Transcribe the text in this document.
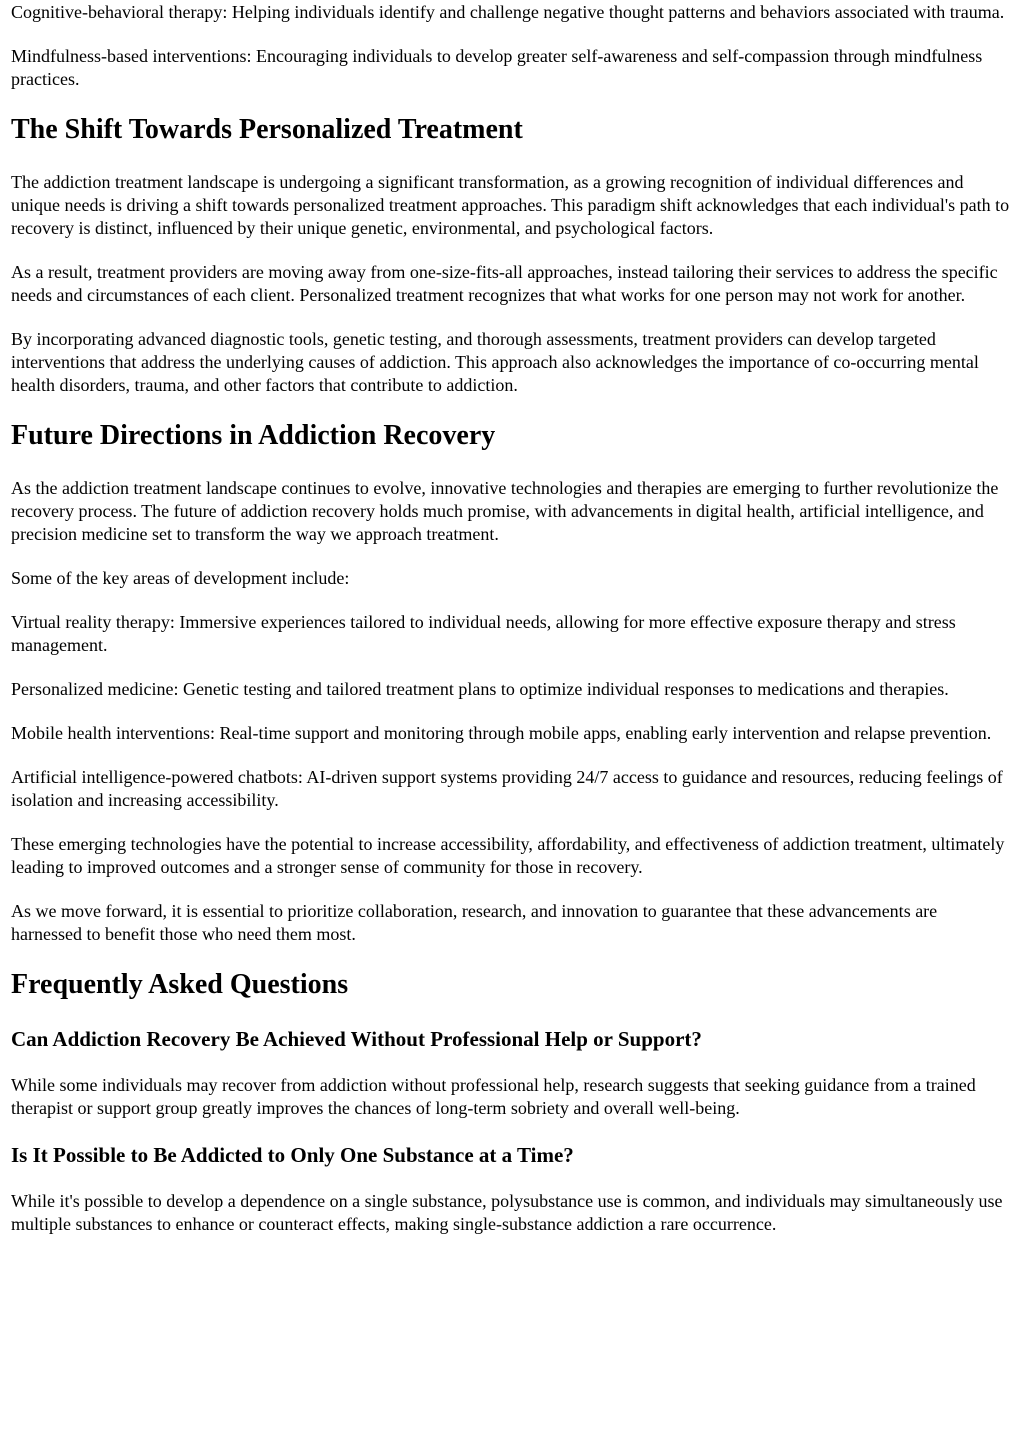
Cognitive-behavioral therapy: Helping individuals identify and challenge negative thought patterns and behaviors associated with trauma.

Mindfulness-based interventions: Encouraging individuals to develop greater self-awareness and self-compassion through mindfulness practices.

The Shift Towards Personalized Treatment

The addiction treatment landscape is undergoing a significant transformation, as a growing recognition of individual differences and unique needs is driving a shift towards personalized treatment approaches. This paradigm shift acknowledges that each individual's path to recovery is distinct, influenced by their unique genetic, environmental, and psychological factors.

As a result, treatment providers are moving away from one-size-fits-all approaches, instead tailoring their services to address the specific needs and circumstances of each client. Personalized treatment recognizes that what works for one person may not work for another.

By incorporating advanced diagnostic tools, genetic testing, and thorough assessments, treatment providers can develop targeted interventions that address the underlying causes of addiction. This approach also acknowledges the importance of co-occurring mental health disorders, trauma, and other factors that contribute to addiction.

Future Directions in Addiction Recovery

As the addiction treatment landscape continues to evolve, innovative technologies and therapies are emerging to further revolutionize the recovery process. The future of addiction recovery holds much promise, with advancements in digital health, artificial intelligence, and precision medicine set to transform the way we approach treatment.

Some of the key areas of development include:

Virtual reality therapy: Immersive experiences tailored to individual needs, allowing for more effective exposure therapy and stress management.

Personalized medicine: Genetic testing and tailored treatment plans to optimize individual responses to medications and therapies.

Mobile health interventions: Real-time support and monitoring through mobile apps, enabling early intervention and relapse prevention.

Artificial intelligence-powered chatbots: AI-driven support systems providing 24/7 access to guidance and resources, reducing feelings of isolation and increasing accessibility.

These emerging technologies have the potential to increase accessibility, affordability, and effectiveness of addiction treatment, ultimately leading to improved outcomes and a stronger sense of community for those in recovery.

As we move forward, it is essential to prioritize collaboration, research, and innovation to guarantee that these advancements are harnessed to benefit those who need them most.

Frequently Asked Questions
Can Addiction Recovery Be Achieved Without Professional Help or Support?

While some individuals may recover from addiction without professional help, research suggests that seeking guidance from a trained therapist or support group greatly improves the chances of long-term sobriety and overall well-being.

Is It Possible to Be Addicted to Only One Substance at a Time?

While it's possible to develop a dependence on a single substance, polysubstance use is common, and individuals may simultaneously use multiple substances to enhance or counteract effects, making single-substance addiction a rare occurrence.
